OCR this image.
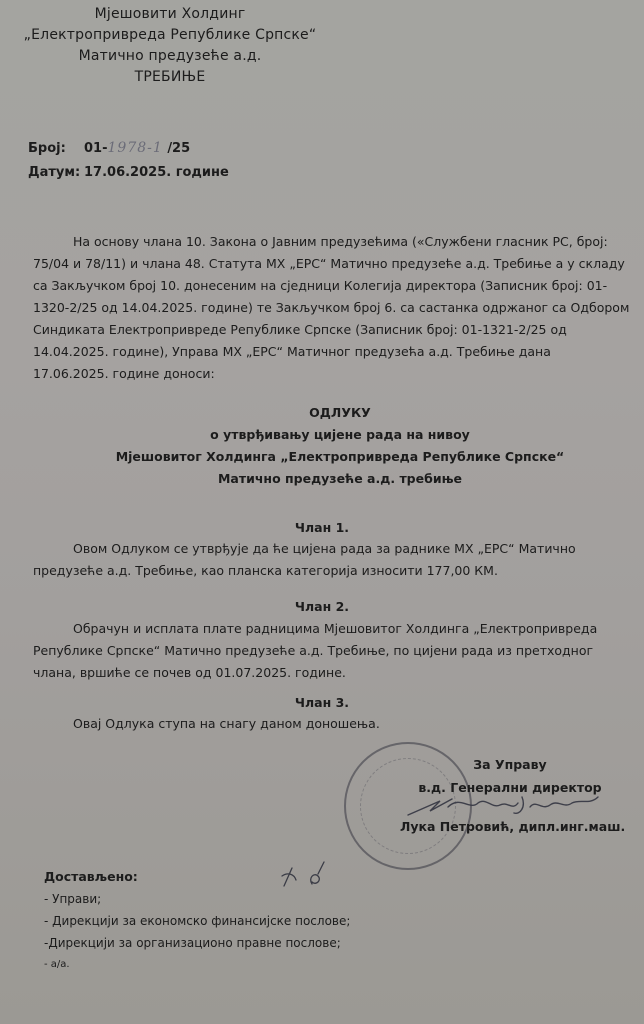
Мјешовити Холдинг
„Електропривреда Републике Српске“
Матично предузеће а.д.
ТРЕБИЊЕ
Број: 01-1978-1 /25
Датум: 17.06.2025. године
На основу члана 10. Закона о Јавним предузећима («Службени гласник РС, број:
75/04 и 78/11) и члана 48. Статута МХ „ЕРС“ Матично предузеће а.д. Требиње а у складу
са Закључком број 10. донесеним на сједници Колегија директора (Записник број: 01-
1320-2/25 од 14.04.2025. године) те Закључком број 6. са састанка одржаног са Одбором
Синдиката Електропривреде Републике Српске (Записник број: 01-1321-2/25 од
14.04.2025. године), Управа МХ „ЕРС“ Матичног предузећа а.д. Требиње дана
17.06.2025. године доноси:
ОДЛУКУ
о утврђивању цијене рада на нивоу
Мјешовитог Холдинга „Електропривреда Републике Српске“
Матично предузеће а.д. требиње
Члан 1.
Овом Одлуком се утврђује да ће цијена рада за раднике МХ „ЕРС“ Матично
предузеће а.д. Требиње, као планска категорија износити 177,00 КМ.
Члан 2.
Обрачун и исплата плате радницима Мјешовитог Холдинга „Електропривреда
Републике Српске“ Матично предузеће а.д. Требиње, по цијени рада из претходног
члана, вршиће се почев од 01.07.2025. године.
Члан 3.
Овај Одлука ступа на снагу даном доношења.
За Управу
в.д. Генерални директор
Лука Петровић, дипл.инг.маш.
Достављено:
- Управи;
- Дирекцији за економско финансијске послове;
-Дирекцији за организационо правне послове;
- а/а.
